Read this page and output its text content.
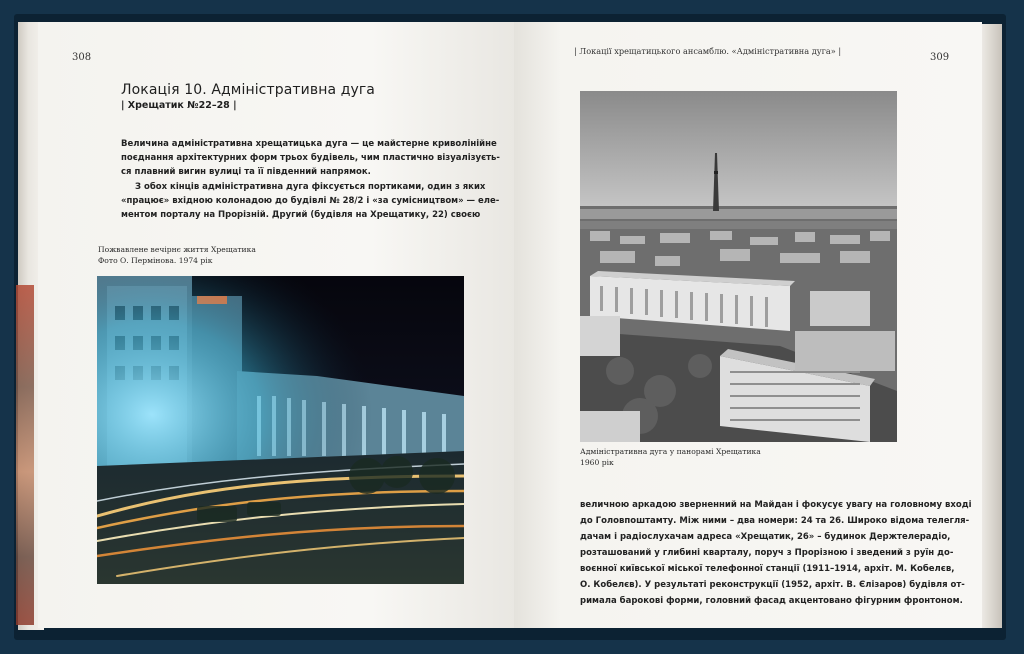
308
Локація 10. Адміністративна дуга
| Хрещатик №22–28 |
Величина адміністративна хрещатицька дуга — це майстерне криволінійне
поєднання архітектурних форм трьох будівель, чим пластично візуалізуєть-
ся плавний вигин вулиці та її південний напрямок.
З обох кінців адміністративна дуга фіксується портиками, один з яких
«працює» вхідною колонадою до будівлі № 28/2 і «за сумісництвом» — еле-
ментом порталу на Прорізній. Другий (будівля на Хрещатику, 22) своєю
Пожвавлене вечірнє життя Хрещатика
Фото О. Пермінова. 1974 рік
| Локації хрещатицького ансамблю. «Адміністративна дуга» |
309
Адміністративна дуга у панорамі Хрещатика
1960 рік
величною аркадою зверненний на Майдан і фокусує увагу на головному вході
до Головпоштамту. Між ними – два номери: 24 та 26. Широко відома телегля-
дачам і радіослухачам адреса «Хрещатик, 26» – будинок Держтелерадіо,
розташований у глибині кварталу, поруч з Прорізною і зведений з руїн до-
воєнної київської міської телефонної станції (1911–1914, архіт. М. Кобелєв,
О. Кобелєв). У результаті реконструкції (1952, архіт. В. Єлізаров) будівля от-
римала барокові форми, головний фасад акцентовано фігурним фронтоном.
